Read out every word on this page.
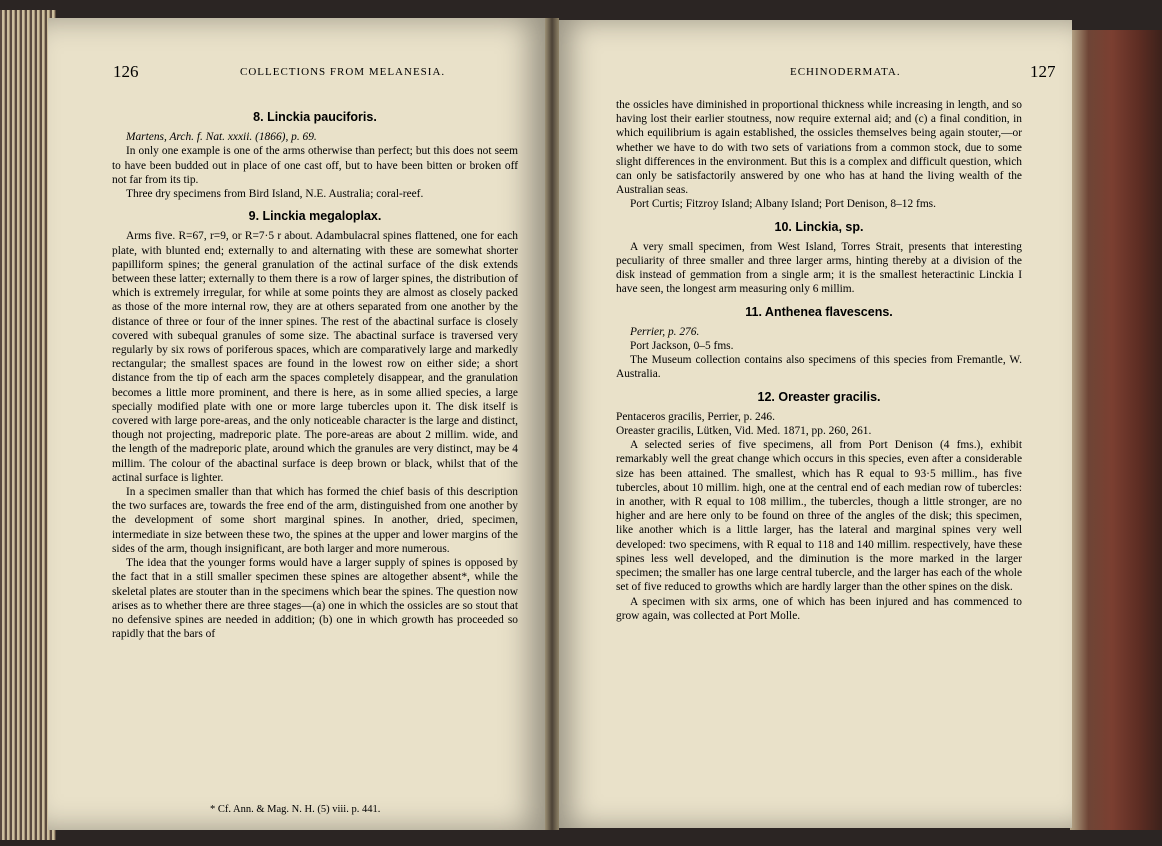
126	COLLECTIONS FROM MELANESIA.	ECHINODERMATA.	127
8. Linckia pauciforis.

Martens, Arch. f. Nat. xxxii. (1866), p. 69.

In only one example is one of the arms otherwise than perfect; but this does not seem to have been budded out in place of one cast off, but to have been bitten or broken off not far from its tip.

Three dry specimens from Bird Island, N.E. Australia; coral-reef.

9. Linckia megaloplax.

Arms five. R=67, r=9, or R=7·5 r about. Adambulacral spines flattened, one for each plate, with blunted end; externally to and alternating with these are somewhat shorter papilliform spines; the general granulation of the actinal surface of the disk extends between these latter; externally to them there is a row of larger spines, the distribution of which is extremely irregular, for while at some points they are almost as closely packed as those of the more internal row, they are at others separated from one another by the distance of three or four of the inner spines. The rest of the abactinal surface is closely covered with subequal granules of some size. The abactinal surface is traversed very regularly by six rows of poriferous spaces, which are comparatively large and markedly rectangular; the smallest spaces are found in the lowest row on either side; a short distance from the tip of each arm the spaces completely disappear, and the granulation becomes a little more prominent, and there is here, as in some allied species, a large specially modified plate with one or more large tubercles upon it. The disk itself is covered with large pore-areas, and the only noticeable character is the large and distinct, though not projecting, madreporic plate. The pore-areas are about 2 millim. wide, and the length of the madreporic plate, around which the granules are very distinct, may be 4 millim. The colour of the abactinal surface is deep brown or black, whilst that of the actinal surface is lighter.

In a specimen smaller than that which has formed the chief basis of this description the two surfaces are, towards the free end of the arm, distinguished from one another by the development of some short marginal spines. In another, dried, specimen, intermediate in size between these two, the spines at the upper and lower margins of the sides of the arm, though insignificant, are both larger and more numerous.

The idea that the younger forms would have a larger supply of spines is opposed by the fact that in a still smaller specimen these spines are altogether absent*, while the skeletal plates are stouter than in the specimens which bear the spines. The question now arises as to whether there are three stages—(a) one in which the ossicles are so stout that no defensive spines are needed in addition; (b) one in which growth has proceeded so rapidly that the bars of

the ossicles have diminished in proportional thickness while increasing in length, and so having lost their earlier stoutness, now require external aid; and (c) a final condition, in which equilibrium is again established, the ossicles themselves being again stouter,—or whether we have to do with two sets of variations from a common stock, due to some slight differences in the environment. But this is a complex and difficult question, which can only be satisfactorily answered by one who has at hand the living wealth of the Australian seas.

Port Curtis; Fitzroy Island; Albany Island; Port Denison, 8–12 fms.

10. Linckia, sp.

A very small specimen, from West Island, Torres Strait, presents that interesting peculiarity of three smaller and three larger arms, hinting thereby at a division of the disk instead of gemmation from a single arm; it is the smallest heteractinic Linckia I have seen, the longest arm measuring only 6 millim.

11. Anthenea flavescens.

Perrier, p. 276.

Port Jackson, 0–5 fms.

The Museum collection contains also specimens of this species from Fremantle, W. Australia.

12. Oreaster gracilis.

Pentaceros gracilis, Perrier, p. 246.

Oreaster gracilis, Lütken, Vid. Med. 1871, pp. 260, 261.

A selected series of five specimens, all from Port Denison (4 fms.), exhibit remarkably well the great change which occurs in this species, even after a considerable size has been attained. The smallest, which has R equal to 93·5 millim., has five tubercles, about 10 millim. high, one at the central end of each median row of tubercles: in another, with R equal to 108 millim., the tubercles, though a little stronger, are no higher and are here only to be found on three of the angles of the disk; this specimen, like another which is a little larger, has the lateral and marginal spines very well developed: two specimens, with R equal to 118 and 140 millim. respectively, have these spines less well developed, and the diminution is the more marked in the larger specimen; the smaller has one large central tubercle, and the larger has each of the whole set of five reduced to growths which are hardly larger than the other spines on the disk.

A specimen with six arms, one of which has been injured and has commenced to grow again, was collected at Port Molle.

* Cf. Ann. & Mag. N. H. (5) viii. p. 441.
